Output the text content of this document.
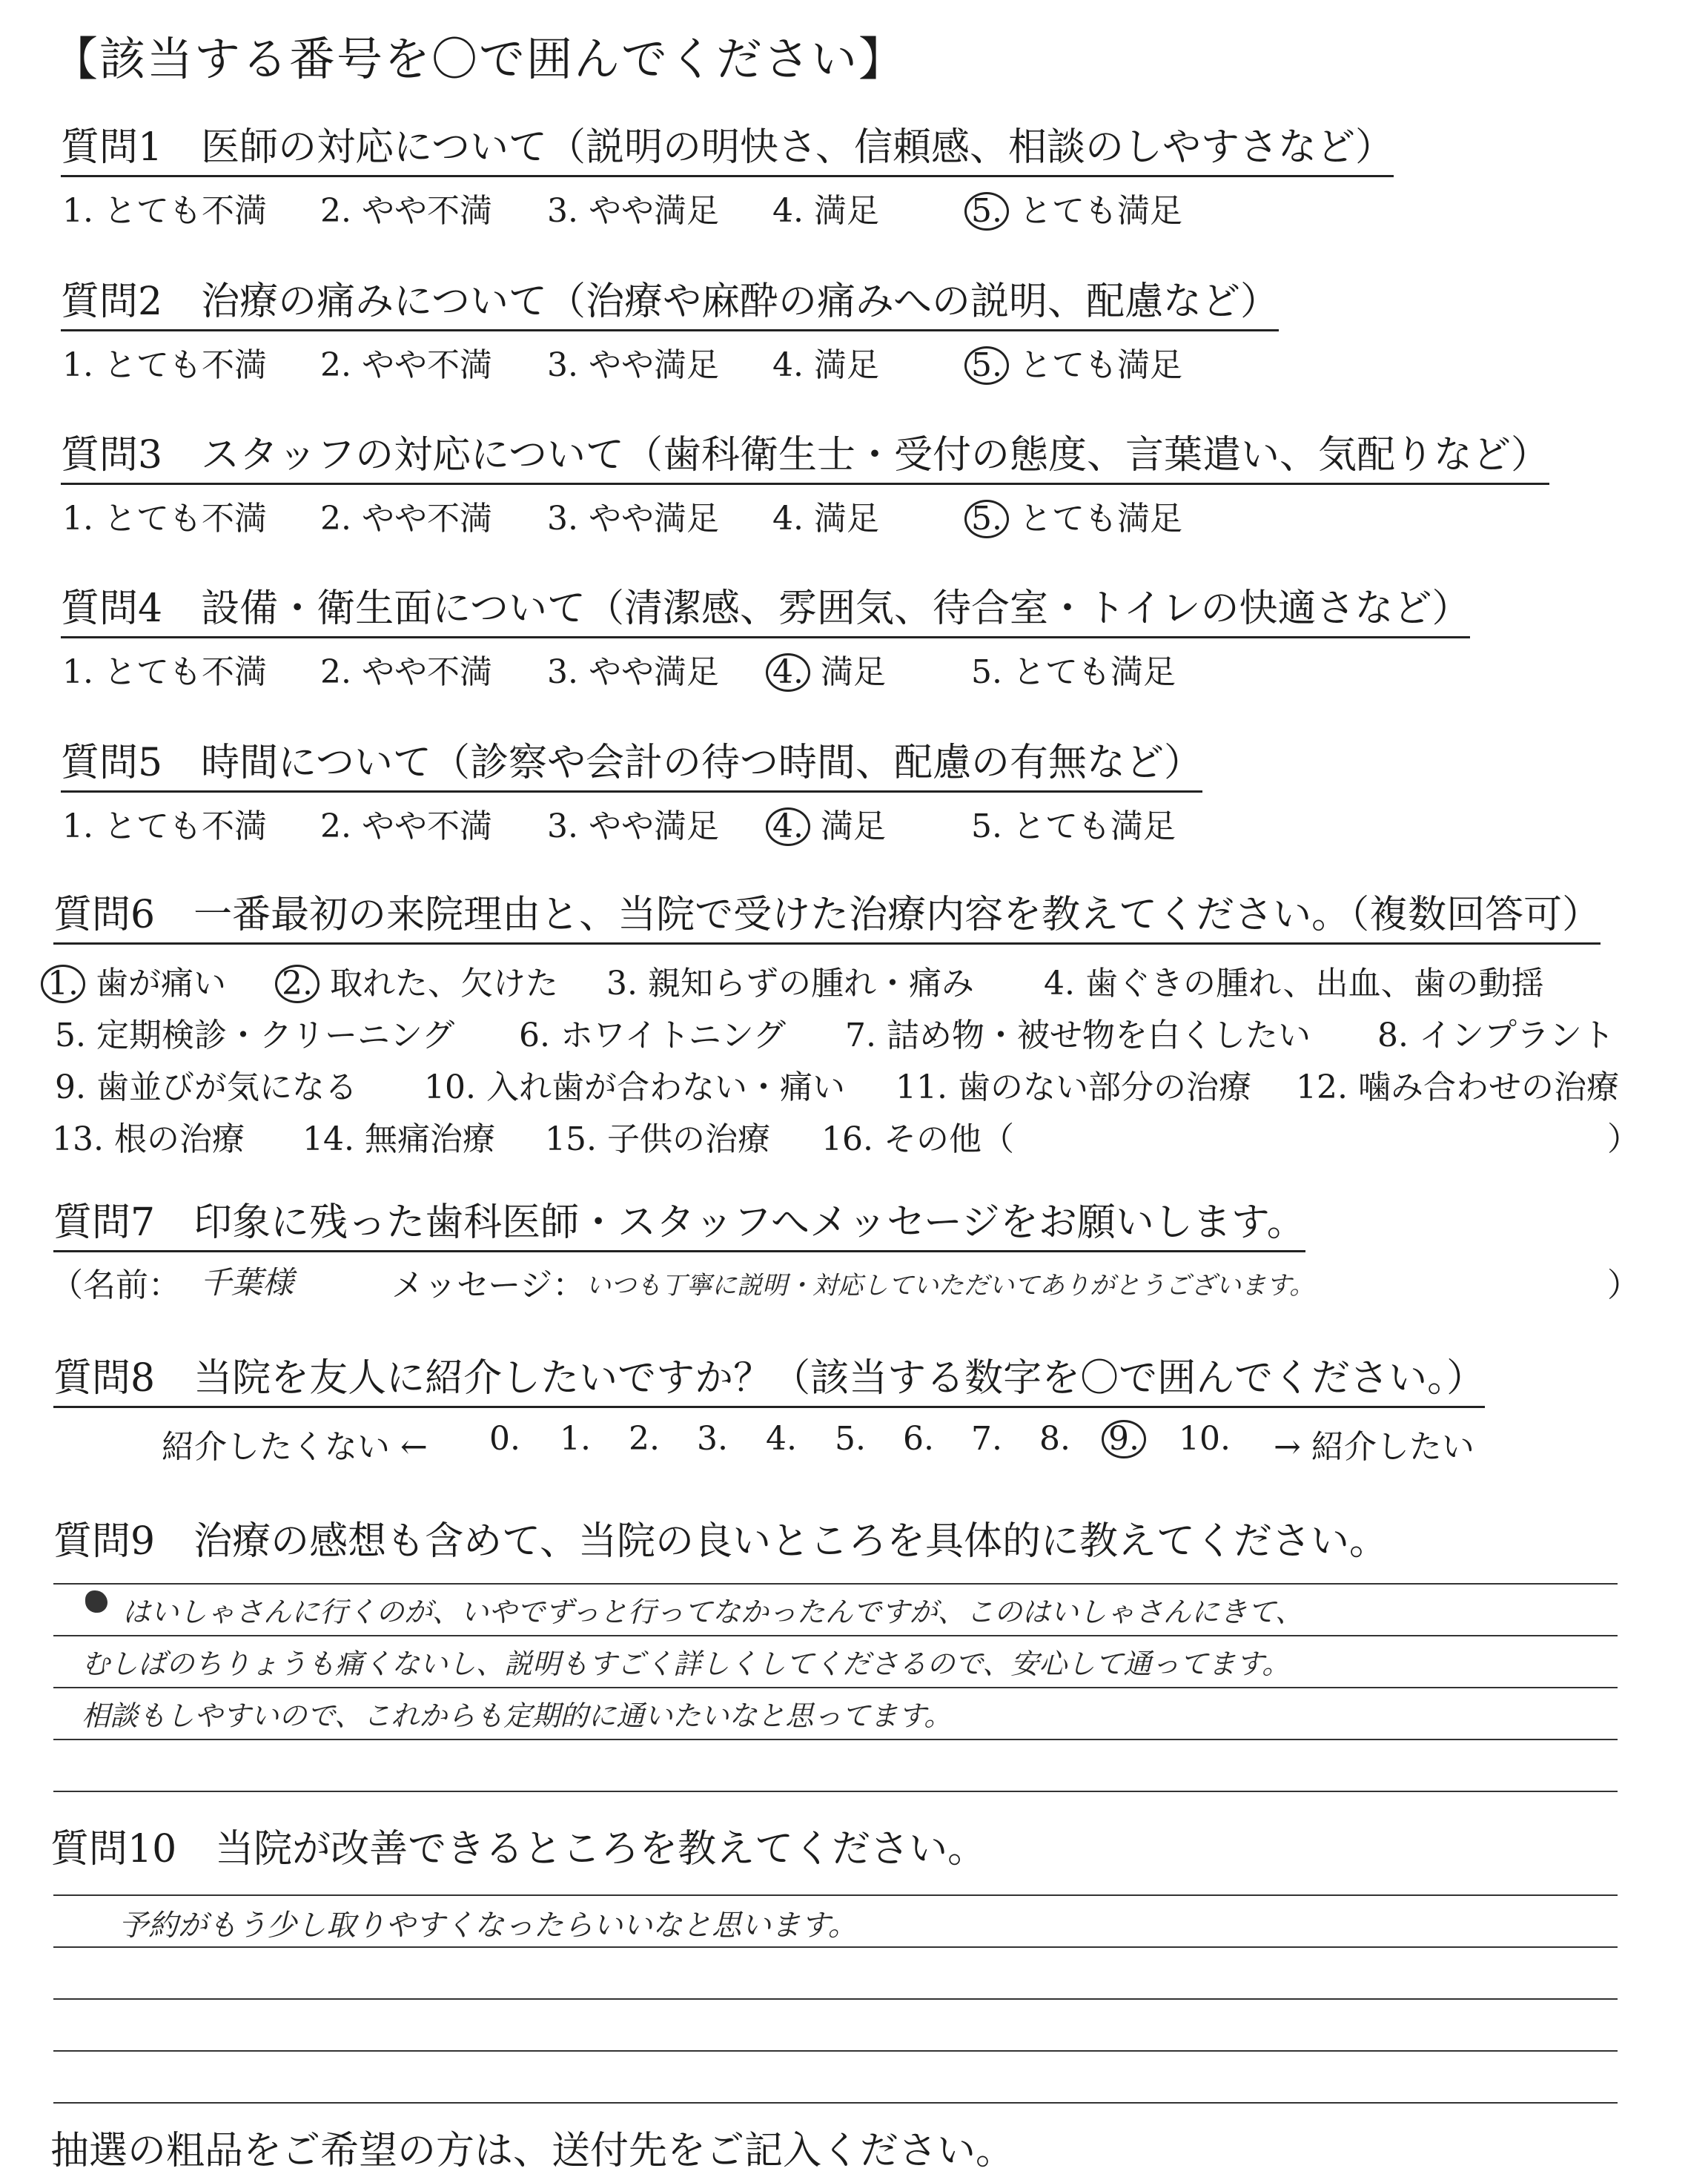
【該当する番号を〇で囲んでください】
質問1　医師の対応について（説明の明快さ、信頼感、相談のしやすさなど）
1. とても不満 2. やや不満 3. やや満足 4. 満足	5. とても満足
質問2　治療の痛みについて（治療や麻酔の痛みへの説明、配慮など）
1. とても不満 2. やや不満 3. やや満足 4. 満足	5. とても満足
質問3　スタッフの対応について（歯科衛生士・受付の態度、言葉遣い、気配りなど）
1. とても不満 2. やや不満 3. やや満足 4. 満足	5. とても満足
質問4　設備・衛生面について（清潔感、雰囲気、待合室・トイレの快適さなど）
1. とても不満 2. やや不満 3. やや満足 4. 満足	5. とても満足
質問5　時間について（診察や会計の待つ時間、配慮の有無など）
1. とても不満 2. やや不満 3. やや満足 4. 満足	5. とても満足
質問6　一番最初の来院理由と、当院で受けた治療内容を教えてください。（複数回答可）
1. 歯が痛い 2. 取れた、欠けた 3. 親知らずの腫れ・痛み 4. 歯ぐきの腫れ、出血、歯の動揺
5. 定期検診・クリーニング 6. ホワイトニング 7. 詰め物・被せ物を白くしたい 8. インプラント
9. 歯並びが気になる 10. 入れ歯が合わない・痛い 11. 歯のない部分の治療 12. 噛み合わせの治療
13. 根の治療 14. 無痛治療 15. 子供の治療 16. その他（	）
質問7　印象に残った歯科医師・スタッフへメッセージをお願いします。
（名前： 千葉様	メッセージ： いつも丁寧に説明・対応していただいてありがとうございます。	）
質問8　当院を友人に紹介したいですか？（該当する数字を〇で囲んでください。）
紹介したくない ← 0. 1. 2. 3. 4. 5. 6. 7. 8. 9. 10. → 紹介したい
質問9　治療の感想も含めて、当院の良いところを具体的に教えてください。
はいしゃさんに行くのが、いやでずっと行ってなかったんですが、このはいしゃさんにきて、
むしばのちりょうも痛くないし、説明もすごく詳しくしてくださるので、安心して通ってます。
相談もしやすいので、これからも定期的に通いたいなと思ってます。
質問10　当院が改善できるところを教えてください。
予約がもう少し取りやすくなったらいいなと思います。
抽選の粗品をご希望の方は、送付先をご記入ください。
